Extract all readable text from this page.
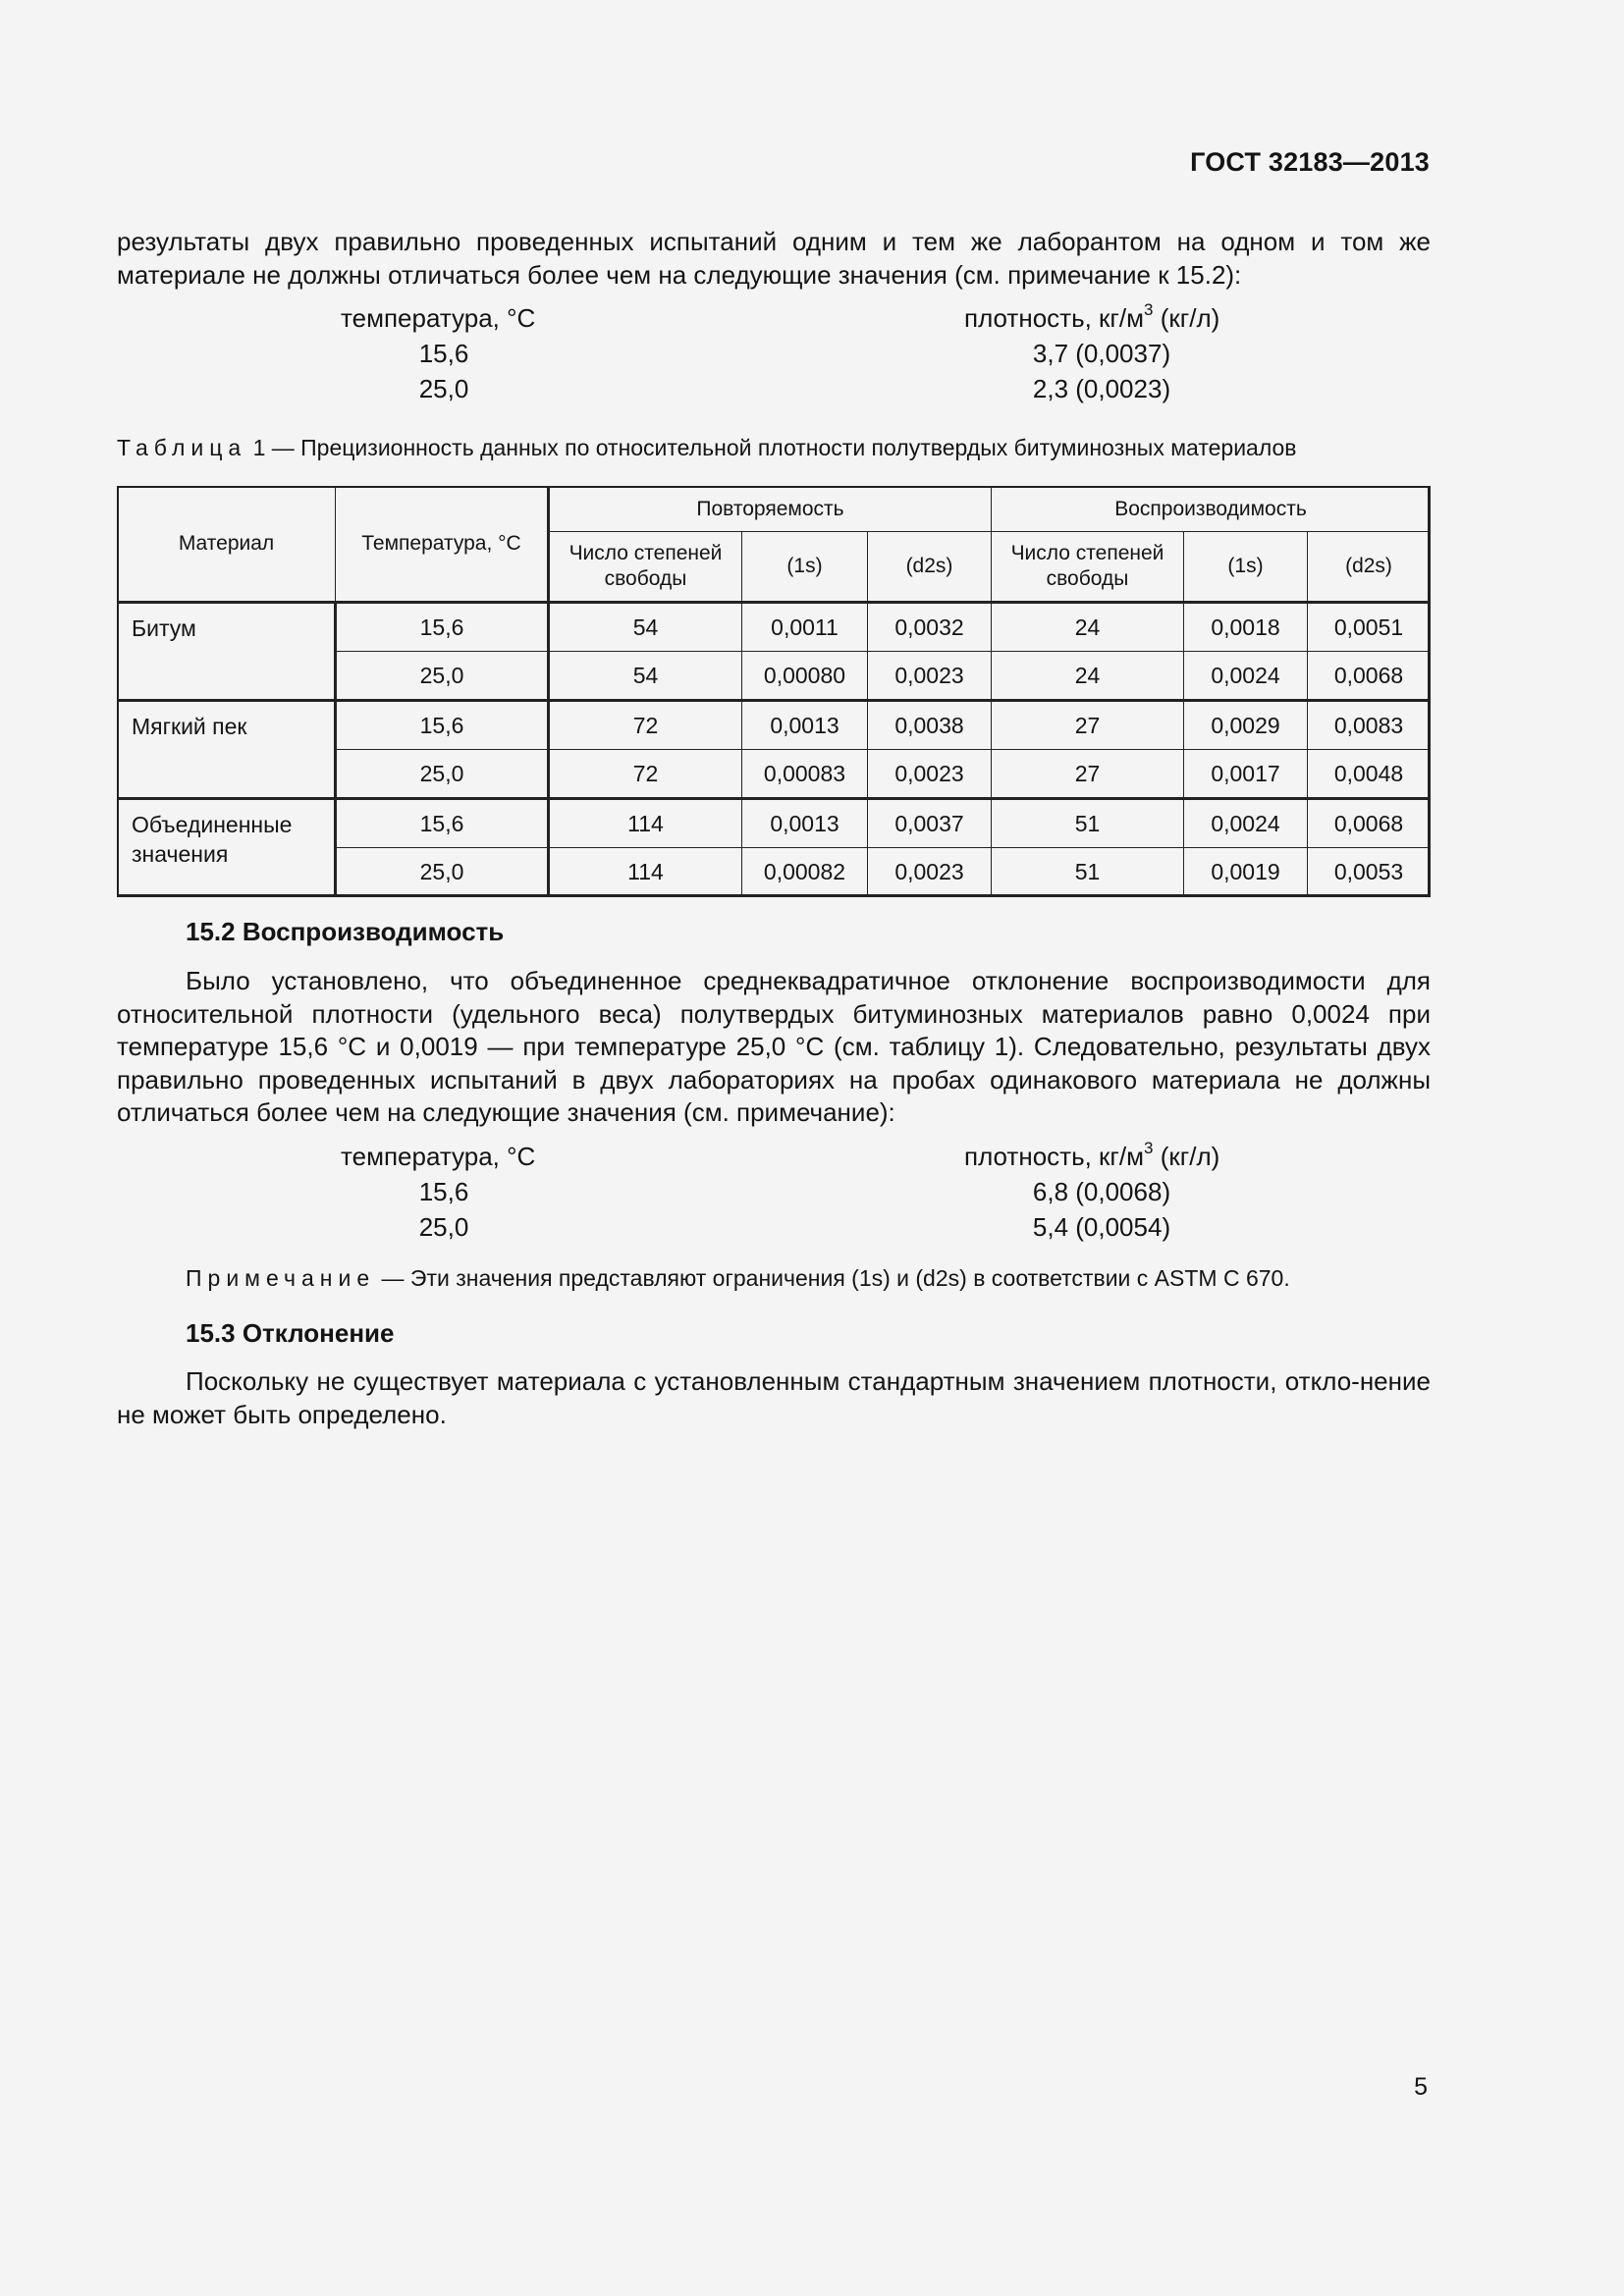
ГОСТ 32183—2013

результаты двух правильно проведенных испытаний одним и тем же лаборантом на одном и том же материале не должны отличаться более чем на следующие значения (см. примечание к 15.2):

температура, °С	плотность, $кг/м^3$ (кг/л)
15,6	3,7 (0,0037)
25,0	2,3 (0,0023)
Таблица 1 — Прецизионность данных по относительной плотности полутвердых битуминозных материалов
Материал	Температура, °С	Повторяемость			Воспроизводимость		
		Число степеней свободы	(1s)	(d2s)	Число степеней свободы	(1s)	(d2s)
Битум	15,6	54	0,0011	0,0032	24	0,0018	0,0051
	25,0	54	0,00080	0,0023	24	0,0024	0,0068
Мягкий пек	15,6	72	0,0013	0,0038	27	0,0029	0,0083
	25,0	72	0,00083	0,0023	27	0,0017	0,0048
Объединенные значения	15,6	114	0,0013	0,0037	51	0,0024	0,0068
	25,0	114	0,00082	0,0023	51	0,0019	0,0053
15.2 Воспроизводимость

Было установлено, что объединенное среднеквадратичное отклонение воспроизводимости для относительной плотности (удельного веса) полутвердых битуминозных материалов равно 0,0024 при температуре 15,6 °С и 0,0019 — при температуре 25,0 °С (см. таблицу 1). Следовательно, результаты двух правильно проведенных испытаний в двух лабораториях на пробах одинакового материала не должны отличаться более чем на следующие значения (см. примечание):

температура, °С	плотность, $кг/м^3$ (кг/л)
15,6	6,8 (0,0068)
25,0	5,4 (0,0054)
Примечание — Эти значения представляют ограничения (1s) и (d2s) в соответствии с ASTM С 670.
15.3 Отклонение

Поскольку не существует материала с установленным стандартным значением плотности, откло-нение не может быть определено.

5
